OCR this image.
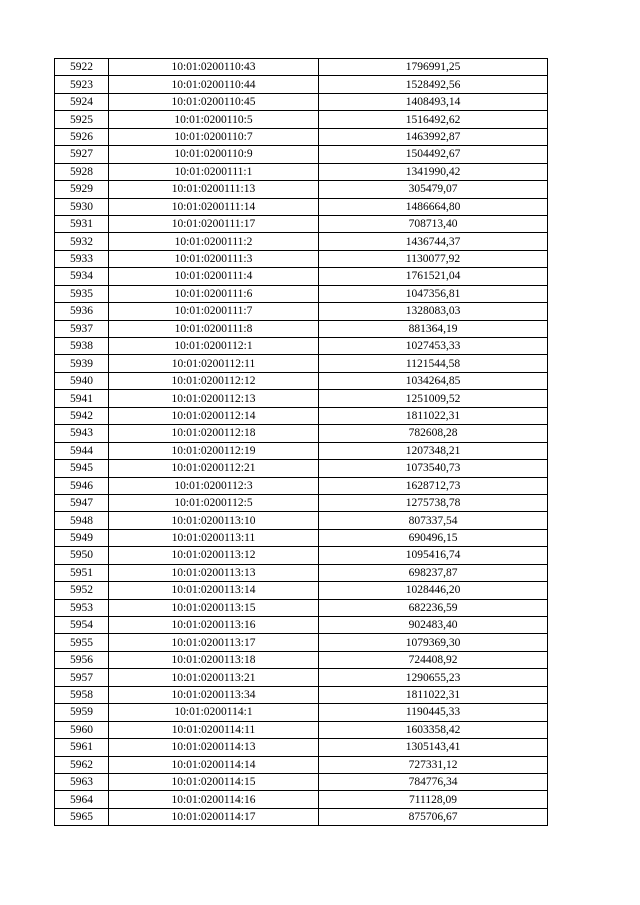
5922	10:01:0200110:43	1796991,25
5923	10:01:0200110:44	1528492,56
5924	10:01:0200110:45	1408493,14
5925	10:01:0200110:5	1516492,62
5926	10:01:0200110:7	1463992,87
5927	10:01:0200110:9	1504492,67
5928	10:01:0200111:1	1341990,42
5929	10:01:0200111:13	305479,07
5930	10:01:0200111:14	1486664,80
5931	10:01:0200111:17	708713,40
5932	10:01:0200111:2	1436744,37
5933	10:01:0200111:3	1130077,92
5934	10:01:0200111:4	1761521,04
5935	10:01:0200111:6	1047356,81
5936	10:01:0200111:7	1328083,03
5937	10:01:0200111:8	881364,19
5938	10:01:0200112:1	1027453,33
5939	10:01:0200112:11	1121544,58
5940	10:01:0200112:12	1034264,85
5941	10:01:0200112:13	1251009,52
5942	10:01:0200112:14	1811022,31
5943	10:01:0200112:18	782608,28
5944	10:01:0200112:19	1207348,21
5945	10:01:0200112:21	1073540,73
5946	10:01:0200112:3	1628712,73
5947	10:01:0200112:5	1275738,78
5948	10:01:0200113:10	807337,54
5949	10:01:0200113:11	690496,15
5950	10:01:0200113:12	1095416,74
5951	10:01:0200113:13	698237,87
5952	10:01:0200113:14	1028446,20
5953	10:01:0200113:15	682236,59
5954	10:01:0200113:16	902483,40
5955	10:01:0200113:17	1079369,30
5956	10:01:0200113:18	724408,92
5957	10:01:0200113:21	1290655,23
5958	10:01:0200113:34	1811022,31
5959	10:01:0200114:1	1190445,33
5960	10:01:0200114:11	1603358,42
5961	10:01:0200114:13	1305143,41
5962	10:01:0200114:14	727331,12
5963	10:01:0200114:15	784776,34
5964	10:01:0200114:16	711128,09
5965	10:01:0200114:17	875706,67
